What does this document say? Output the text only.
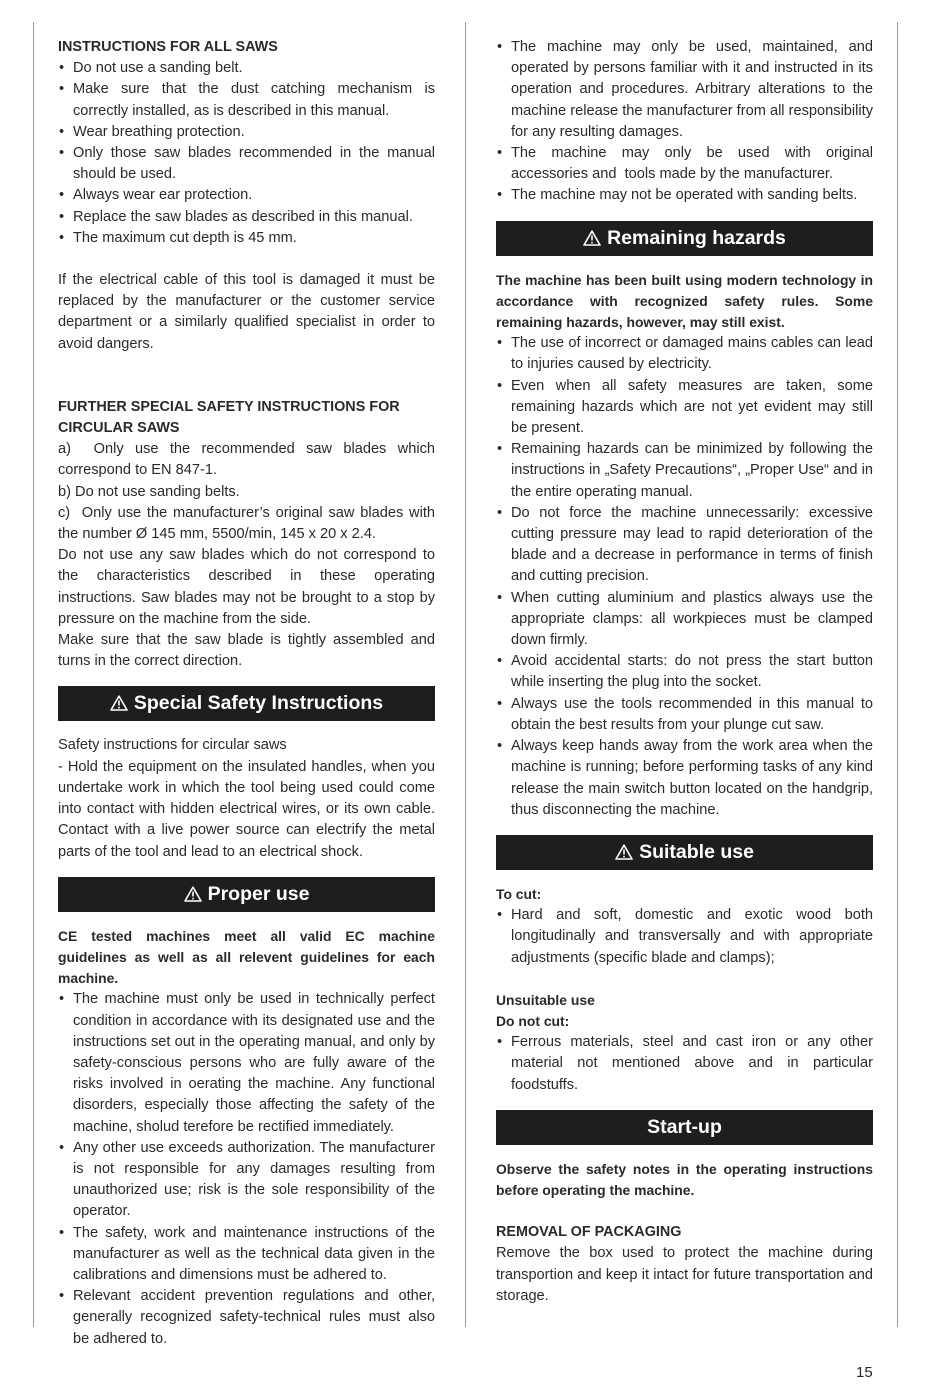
INSTRUCTIONS FOR ALL SAWS

• Do not use a sanding belt.
• Make sure that the dust catching mechanism is correctly installed, as is described in this manual.
• Wear breathing protection.
• Only those saw blades recommended in the manual should be used.
• Always wear ear protection.
• Replace the saw blades as described in this manual.
• The maximum cut depth is 45 mm.

If the electrical cable of this tool is damaged it must be replaced by the manufacturer or the customer service department or a similarly qualified specialist in order to avoid dangers.

FURTHER SPECIAL SAFETY INSTRUCTIONS FOR

CIRCULAR SAWS

a)  Only use the recommended saw blades which correspond to EN 847-1.

b) Do not use sanding belts.

c)  Only use the manufacturer’s original saw blades with the number Ø 145 mm, 5500/min, 145 x 20 x 2.4.

Do not use any saw blades which do not correspond to the characteristics described in these operating instructions. Saw blades may not be brought to a stop by pressure on the machine from the side.

Make sure that the saw blade is tightly assembled and turns in the correct direction.

Special Safety Instructions

Safety instructions for circular saws

- Hold the equipment on the insulated handles, when you undertake work in which the tool being used could come into contact with hidden electrical wires, or its own cable. Contact with a live power source can electrify the metal parts of the tool and lead to an electrical shock.

Proper use

CE tested machines meet all valid EC machine guidelines as well as all relevent guidelines for each machine.

• The machine must only be used in technically perfect condition in accordance with its designated use and the instructions set out in the operating manual, and only by safety-conscious persons who are fully aware of the risks involved in oerating the machine. Any functional disorders, especially those affecting the safety of the machine, sholud terefore be rectified immediately.
• Any other use exceeds authorization. The manufacturer is not responsible for any damages resulting from unauthorized use; risk is the sole responsibility of the operator.
• The safety, work and maintenance instructions of the manufacturer as well as the technical data given in the calibrations and dimensions must be adhered to.
• Relevant accident prevention regulations and other, generally recognized safety-technical rules must also be adhered to.
• The machine may only be used, maintained, and operated by persons familiar with it and instructed in its operation and procedures. Arbitrary alterations to the machine release the manufacturer from all responsibility for any resulting damages.
• The machine may only be used with original accessories and  tools made by the manufacturer.
• The machine may not be operated with sanding belts.
Remaining hazards

The machine has been built using modern technology in accordance with recognized safety rules. Some remaining hazards, however, may still exist.

• The use of incorrect or damaged mains cables can lead to injuries caused by electricity.
• Even when all safety measures are taken, some remaining hazards which are not yet evident may still be present.
• Remaining hazards can be minimized by following the instructions in „Safety Precautions“, „Proper Use“ and in the entire operating manual.
• Do not force the machine unnecessarily: excessive cutting pressure may lead to rapid deterioration of the blade and a decrease in performance in terms of finish and cutting precision.
• When cutting aluminium and plastics always use the appropriate clamps: all workpieces must be clamped down firmly.
• Avoid accidental starts: do not press the start button while inserting the plug into the socket.
• Always use the tools recommended in this manual to obtain the best results from your plunge cut saw.
• Always keep hands away from the work area when the machine is running; before performing tasks of any kind release the main switch button located on the handgrip, thus disconnecting the machine.
Suitable use

To cut:

• Hard and soft, domestic and exotic wood both longitudinally and transversally and with appropriate adjustments (specific blade and clamps);

Unsuitable use

Do not cut:

• Ferrous materials, steel and cast iron or any other material not mentioned above and in particular foodstuffs.
Start-up

Observe the safety notes in the operating instructions before operating the machine.

REMOVAL OF PACKAGING

Remove the box used to protect the machine during transportion and keep it intact for future transportation and storage.

15
